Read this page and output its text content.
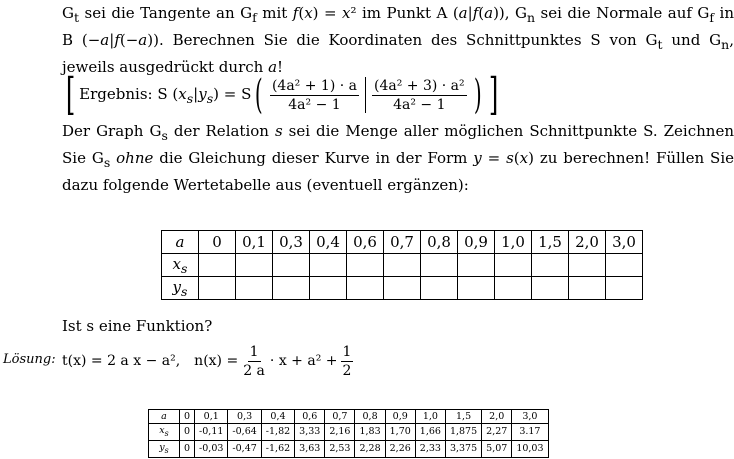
$G_t$ sei die Tangente an $G_f$ mit f(x) = x² im Punkt A (a|f(a)), $G_n$ sei die Normale auf $G_f$ in B (−a|f(−a)). Berechnen Sie die Koordinaten des Schnittpunktes S von $G_t$ und $G_n$, jeweils ausgedrückt durch a!

[ Ergebnis: S $(x_s|y_s) = S$ ( $\frac{\text{(4a² + 1) · a}}{\text{4a² − 1}} \frac{\text{(4a² + 3) · a²}}{\text{4a² − 1}}$ ) ]

Der Graph $G_s$ der Relation s sei die Menge aller möglichen Schnittpunkte S. Zeichnen Sie $G_s$ ohne die Gleichung dieser Kurve in der Form y = s(x) zu berechnen! Füllen Sie dazu folgende Wertetabelle aus (eventuell ergänzen):

a	0	0,1	0,3	0,4	0,6	0,7	0,8	0,9	1,0	1,5	2,0	3,0
$x_s$												
$y_s$												
Ist s eine Funktion?
Lösung: t(x) = 2 a x − a², $n(x) = \frac{1}{2 a} \cdot x + a^2 + \frac{1}{2}$
a	0	0,1	0,3	0,4	0,6	0,7	0,8	0,9	1,0	1,5	2,0	3,0
$x_s$	0	-0,11	-0,64	-1,82	3,33	2,16	1,83	1,70	1,66	1,875	2,27	3.17
$y_s$	0	-0,03	-0,47	-1,62	3,63	2,53	2,28	2,26	2,33	3,375	5,07	10,03
